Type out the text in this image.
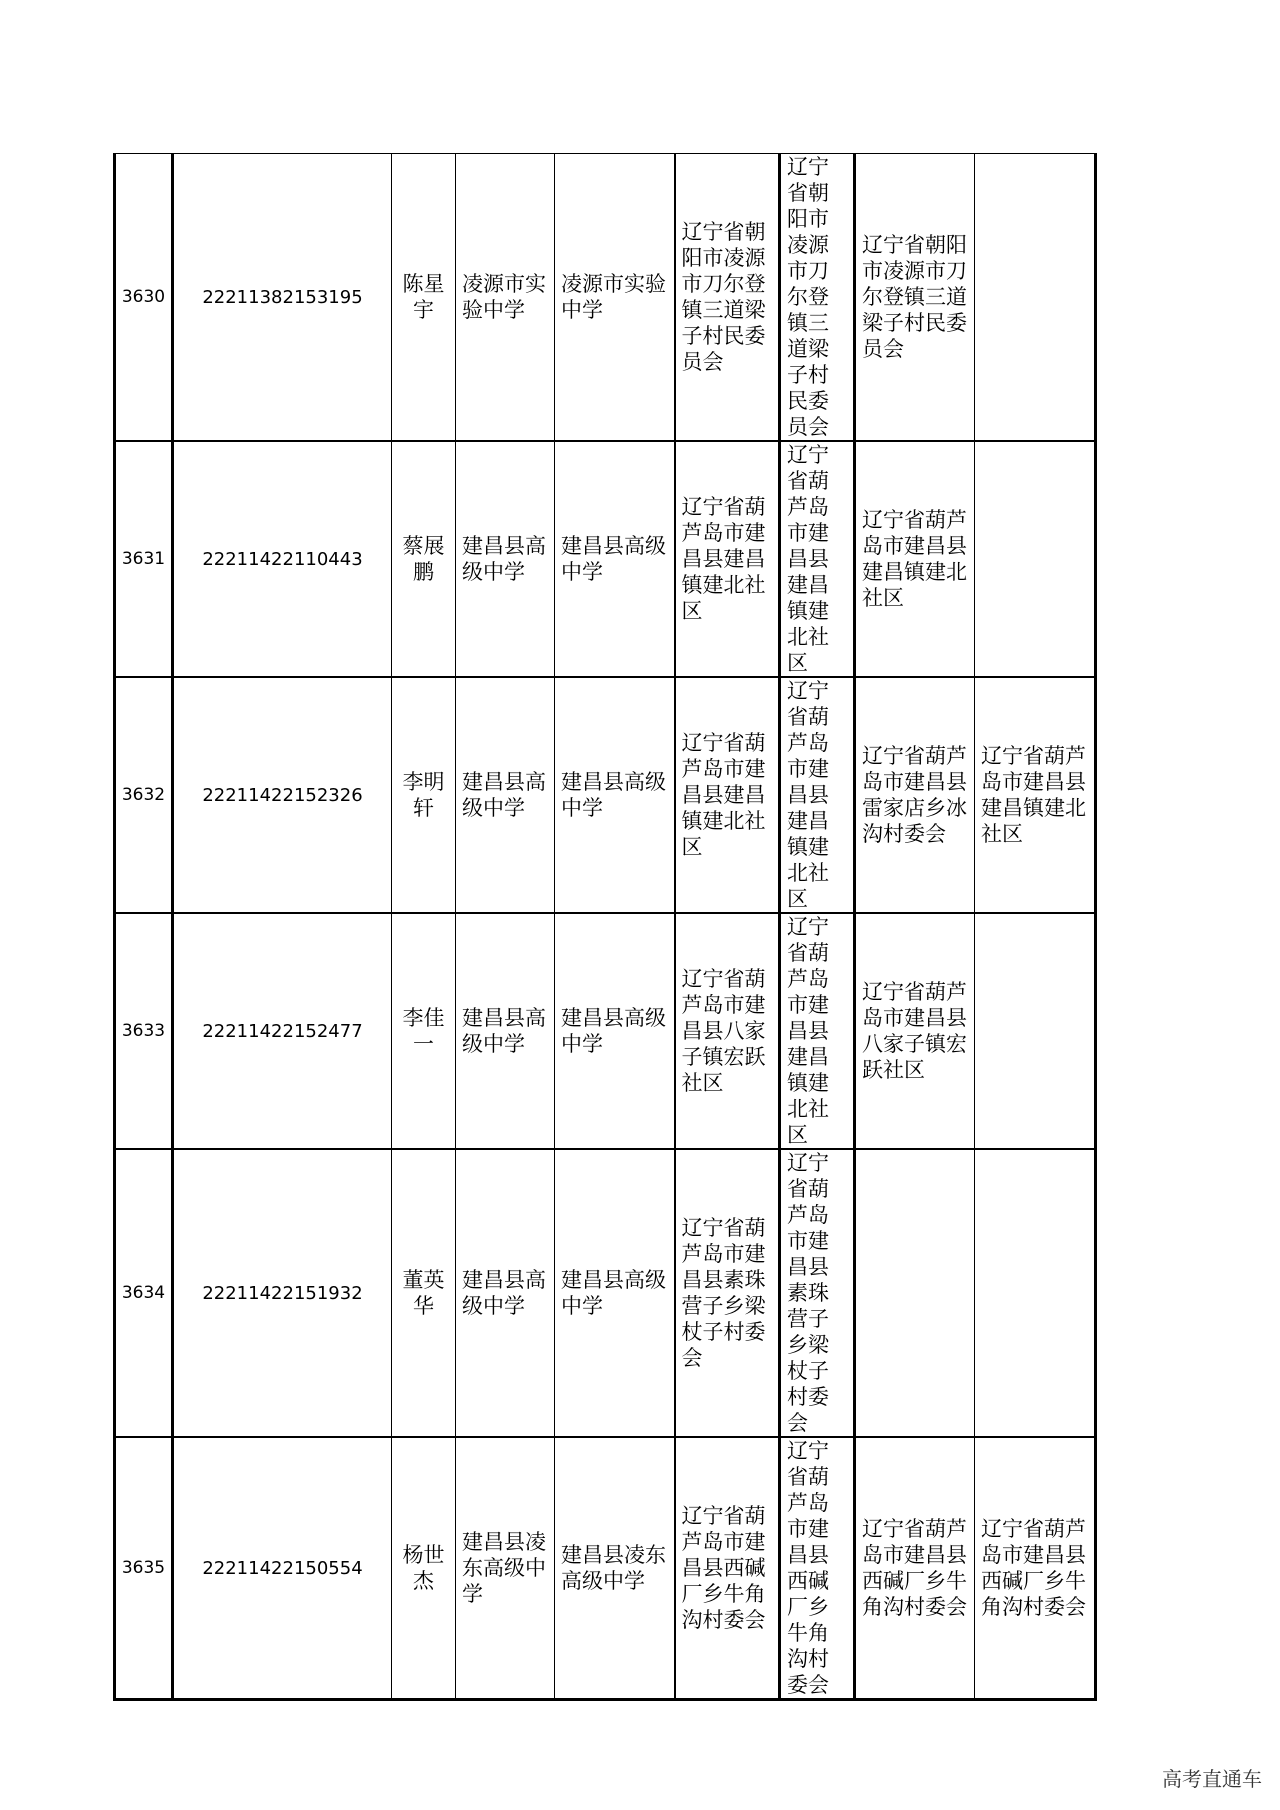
3630	22211382153195	陈星宇	凌源市实验中学	凌源市实验中学	辽宁省朝阳市凌源市刀尔登镇三道梁子村民委员会	辽宁省朝阳市凌源市刀尔登镇三道梁子村民委员会	辽宁省朝阳市凌源市刀尔登镇三道梁子村民委员会	
3631	22211422110443	蔡展鹏	建昌县高级中学	建昌县高级中学	辽宁省葫芦岛市建昌县建昌镇建北社区	辽宁省葫芦岛市建昌县建昌镇建北社区	辽宁省葫芦岛市建昌县建昌镇建北社区	
3632	22211422152326	李明轩	建昌县高级中学	建昌县高级中学	辽宁省葫芦岛市建昌县建昌镇建北社区	辽宁省葫芦岛市建昌县建昌镇建北社区	辽宁省葫芦岛市建昌县雷家店乡冰沟村委会	辽宁省葫芦岛市建昌县建昌镇建北社区
3633	22211422152477	李佳一	建昌县高级中学	建昌县高级中学	辽宁省葫芦岛市建昌县八家子镇宏跃社区	辽宁省葫芦岛市建昌县建昌镇建北社区	辽宁省葫芦岛市建昌县八家子镇宏跃社区	
3634	22211422151932	董英华	建昌县高级中学	建昌县高级中学	辽宁省葫芦岛市建昌县素珠营子乡梁杖子村委会	辽宁省葫芦岛市建昌县素珠营子乡梁杖子村委会		
3635	22211422150554	杨世杰	建昌县凌东高级中学	建昌县凌东高级中学	辽宁省葫芦岛市建昌县西碱厂乡牛角沟村委会	辽宁省葫芦岛市建昌县西碱厂乡牛角沟村委会	辽宁省葫芦岛市建昌县西碱厂乡牛角沟村委会	辽宁省葫芦岛市建昌县西碱厂乡牛角沟村委会
高考直通车
